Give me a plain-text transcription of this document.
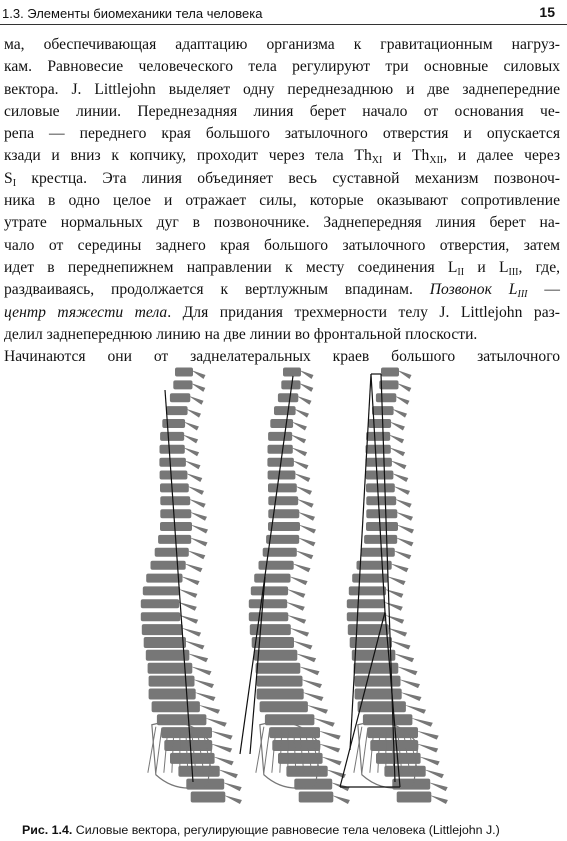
1.3. Элементы биомеханики тела человека	15
ма, обеспечивающая адаптацию организма к гравитационным нагруз-
кам. Равновесие человеческого тела регулируют три основные силовых
вектора. J. Littlejohn выделяет одну переднезаднюю и две заднепередние
силовые линии. Переднезадняя линия берет начало от основания че-
репа — переднего края большого затылочного отверстия и опускается
кзади и вниз к копчику, проходит через тела $Th_{XI}$ и $Th_{XII}$, и далее через
$S_I$ крестца. Эта линия объединяет весь суставной механизм позвоноч-
ника в одно целое и отражает силы, которые оказывают сопротивление
утрате нормальных дуг в позвоночнике. Заднепередняя линия берет на-
чало от середины заднего края большого затылочного отверстия, затем
идет в переднепижнем направлении к месту соединения $L_{II}$ и $L_{III}$, где,
раздваиваясь, продолжается к вертлужным впадинам. Позвонок $L_{III}$ —
центр тяжести тела. Для придания трехмерности телу J. Littlejohn раз-
делил заднепереднюю линию на две линии во фронтальной плоскости.
Начинаются они от заднелатеральных краев большого затылочного
Рис. 1.4. Силовые вектора, регулирующие равновесие тела человека (Littlejohn J.)
